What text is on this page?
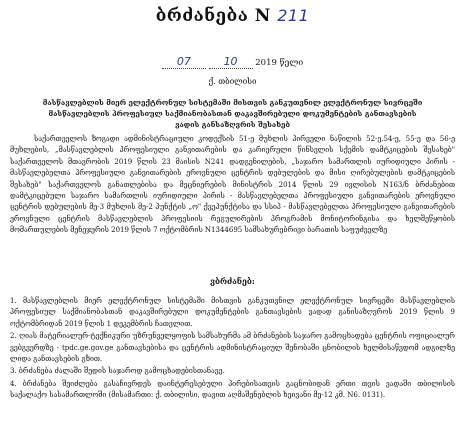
ბრძანება N 211
07	10 2019 წელი
ქ. თბილისი
მასწავლებლის მიერ ელექტრონულ სისტემაში მისთვის განკუთვნილ ელექტრონულ სივრცეში მასწავლებლის პროფესიულ საქმიანობასთან დაკავშირებული დოკუმენტების განთავსების ვადის განსაზღვრის შესახებ

საქართველოს ზოგადი ადმინისტრაციული კოდექსის 51-ე მუხლის პირველი ნაწილის 52-ე,54-ე, 55-ე და 56-ე მუხლების, „მასწავლებლის პროფესიული განვითარების და კარიერული წინსვლის სქემის დამტკიცების შესახებ" საქართველოს მთავრობის 2019 წლის 23 მაისის N241 დადგენილების, „საჯარო სამართლის იურიდიული პირის - მასწავლებელთა პროფესიული განვითარების ეროვნული ცენტრის დებულების და მისი ღირებულების დამტკიცების შესახებ" საქართველოს განათლებისა და მეცნიერების მინისტრის 2014 წლის 29 ივლისის N163/ნ ბრძანებით დამტკიცებული საჯარო სამართლის იურიდიული პირის - მასწავლებელთა პროფესიული განვითარების ეროვნული ცენტრის დებულების მე-3 მუხლის მე-2 პუნქტის „ო" ქვეპუნქტისა და სსიპ - მასწავლებელთა პროფესიული განვითარების ეროვნული ცენტრის მასწავლებლის პროფესიის რეგულირების პროგრამის მონიტორინგისა და ხელშეწყობის მომართულების მენეჯერის 2019 წლის 7 ოქტომბრის N1344695 სამსახურებრივი ბარათის საფუძველზე

ვბრძანებ:
1. მასწავლებლის მიერ ელექტრონულ სისტემაში მისთვის განკუთვნილ ელექტრონულ სივრცეში მასწავლებლის პროფესიულ საქმიანობასთან დაკავშირებული დოკუმენტების განთავსების ვადად განისაზღვროს 2019 წლის 9 ოქტომბრიდან 2019 წლის 1 დეკემბრის ჩათვლით.
2. ღიას მატერიალურ-ტექნიკური უზრუნველყოფის სამსახურმა ამ ბრძანების საჯარო გამოცხადება ცენტრის ოფიციალურ ვებგვერდზე - tpdc.ge.gov.ge განთავსებისა და ცენტრის ადმინისტრაციულ შენობაში ცნობილის ხელმისაწვდომ ადგილზე ლიდა განთავსების გზით.
3. ბრძანება ძალაში შედის საჯაროდ გამოცხადებისთანავე.
4. ბრძანება შეიძლება გასაჩივრდეს დაინტერესებული პირებისათვის გაცნობიდან ერთი თვის ვადაში თბილისის საქალაქო სასამართლოში (მისამართი: ქ. თბილისი, დავით აღმაშენებლის ხეივანი მე-12 კმ. N6. 0131).
